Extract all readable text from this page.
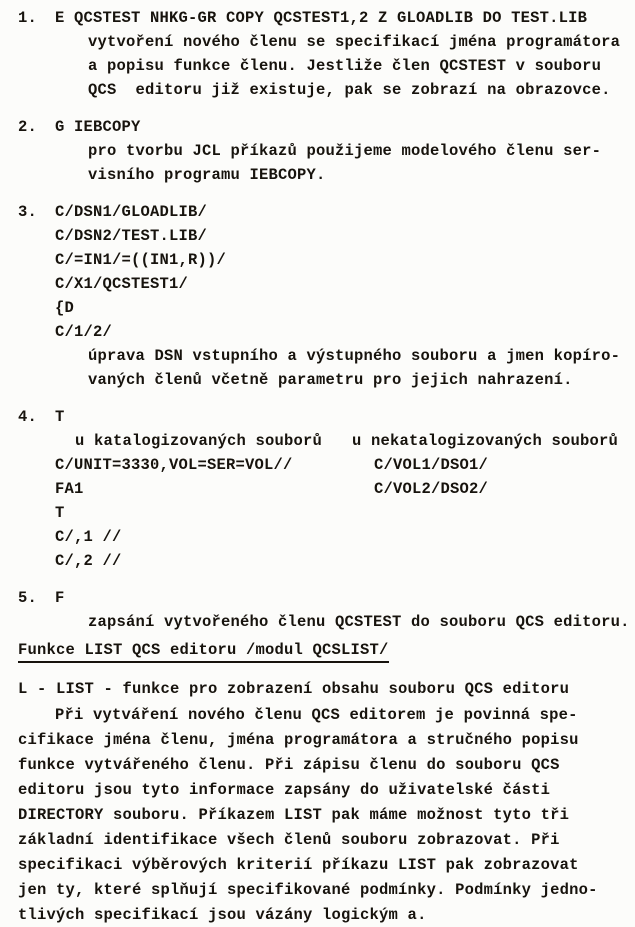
1.	E QCSTEST NHKG-GR COPY QCSTEST1,2 Z GLOADLIB DO TEST.LIB
vytvoření nového členu se specifikací jména programátora
a popisu funkce členu. Jestliže člen QCSTEST v souboru
QCS  editoru již existuje, pak se zobrazí na obrazovce.
2.	G IEBCOPY
pro tvorbu JCL příkazů použijeme modelového členu ser-
visního programu IEBCOPY.
3.	C/DSN1/GLOADLIB/
C/DSN2/TEST.LIB/
C/=IN1/=((IN1,R))/
C/X1/QCSTEST1/
{D
C/1/2/
úprava DSN vstupního a výstupného souboru a jmen kopíro-
vaných členů včetně parametru pro jejich nahrazení.
4.	T
u katalogizovaných souborů	u nekatalogizovaných souborů
C/UNIT=3330,VOL=SER=VOL//	C/VOL1/DSO1/
FA1	C/VOL2/DSO2/
T
C/,1 //
C/,2 //
5.	F
zapsání vytvořeného členu QCSTEST do souboru QCS editoru.
Funkce LIST QCS editoru /modul QCSLIST/
L - LIST - funkce pro zobrazení obsahu souboru QCS editoru
Při vytváření nového členu QCS editorem je povinná spe-
cifikace jména členu, jména programátora a stručného popisu
funkce vytvářeného členu. Při zápisu členu do souboru QCS
editoru jsou tyto informace zapsány do uživatelské části
DIRECTORY souboru. Příkazem LIST pak máme možnost tyto tři
základní identifikace všech členů souboru zobrazovat. Při
specifikaci výběrových kriterií příkazu LIST pak zobrazovat
jen ty, které splňují specifikované podmínky. Podmínky jedno-
tlivých specifikací jsou vázány logickým a.
